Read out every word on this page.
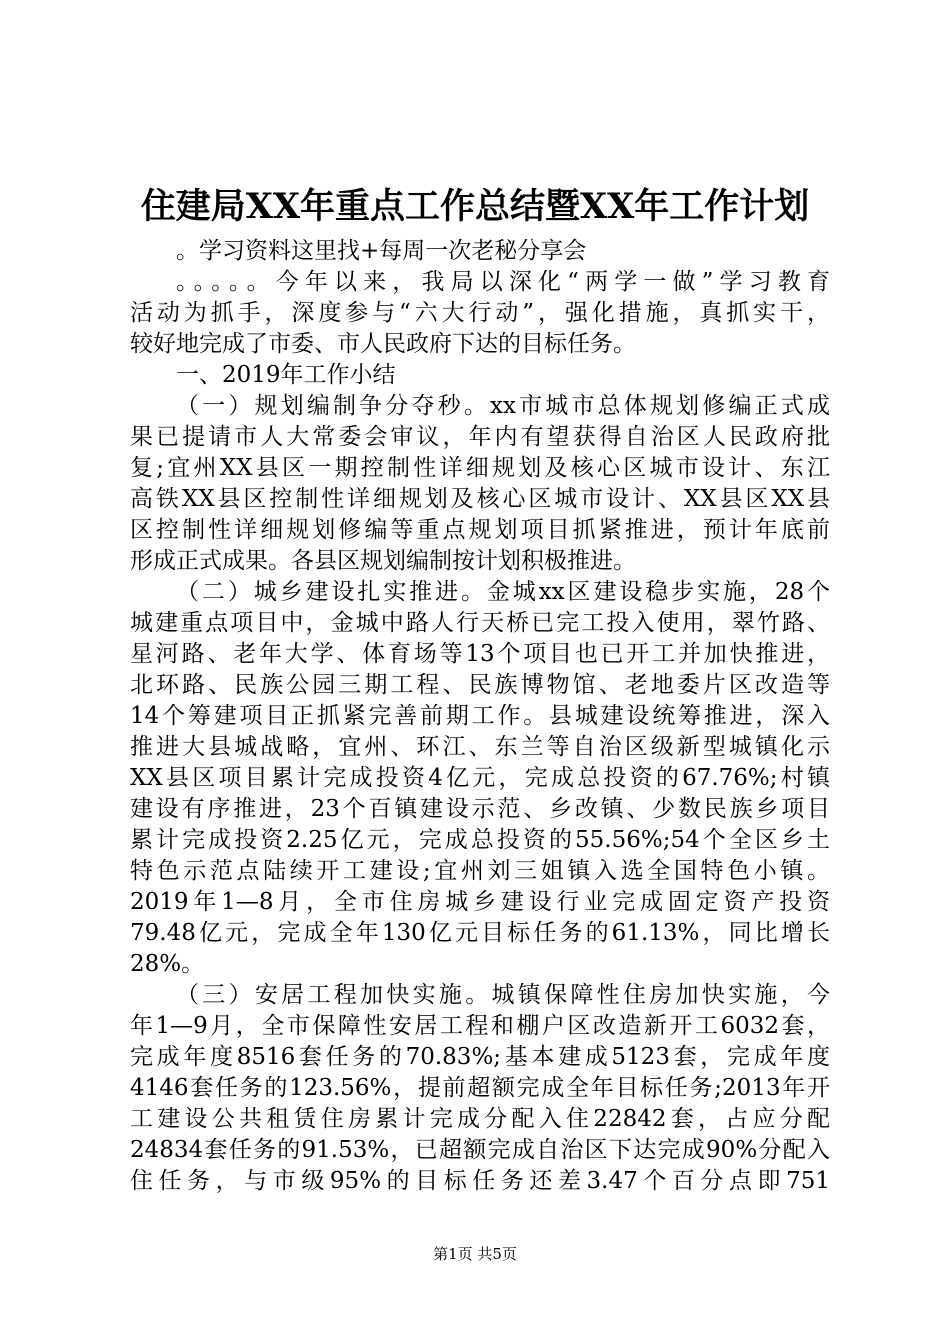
住建局XX年重点工作总结暨XX年工作计划
。学习资料这里找+每周一次老秘分享会
。。。。。今年以来，我局以深化“两学一做”学习教育
活动为抓手，深度参与“六大行动”，强化措施，真抓实干，
较好地完成了市委、市人民政府下达的目标任务。
一、2019年工作小结
（一）规划编制争分夺秒。xx市城市总体规划修编正式成
果已提请市人大常委会审议，年内有望获得自治区人民政府批
复;宜州XX县区一期控制性详细规划及核心区城市设计、东江
高铁XX县区控制性详细规划及核心区城市设计、XX县区XX县
区控制性详细规划修编等重点规划项目抓紧推进，预计年底前
形成正式成果。各县区规划编制按计划积极推进。
（二）城乡建设扎实推进。金城xx区建设稳步实施，28个
城建重点项目中，金城中路人行天桥已完工投入使用，翠竹路、
星河路、老年大学、体育场等13个项目也已开工并加快推进，
北环路、民族公园三期工程、民族博物馆、老地委片区改造等
14个筹建项目正抓紧完善前期工作。县城建设统筹推进，深入
推进大县城战略，宜州、环江、东兰等自治区级新型城镇化示
XX县区项目累计完成投资4亿元，完成总投资的67.76%;村镇
建设有序推进，23个百镇建设示范、乡改镇、少数民族乡项目
累计完成投资2.25亿元，完成总投资的55.56%;54个全区乡土
特色示范点陆续开工建设;宜州刘三姐镇入选全国特色小镇。
2019年1—8月，全市住房城乡建设行业完成固定资产投资
79.48亿元，完成全年130亿元目标任务的61.13%，同比增长
28%。
（三）安居工程加快实施。城镇保障性住房加快实施，今
年1—9月，全市保障性安居工程和棚户区改造新开工6032套，
完成年度8516套任务的70.83%;基本建成5123套，完成年度
4146套任务的123.56%，提前超额完成全年目标任务;2013年开
工建设公共租赁住房累计完成分配入住22842套，占应分配
24834套任务的91.53%，已超额完成自治区下达完成90%分配入
住任务，与市级95%的目标任务还差3.47个百分点即751
第1页 共5页
